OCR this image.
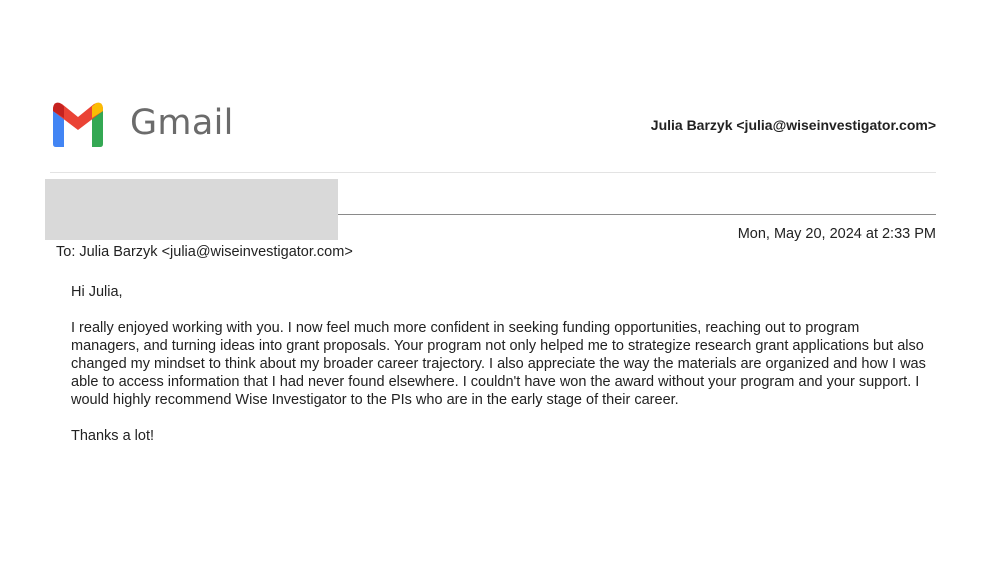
Gmail	Julia Barzyk <julia@wiseinvestigator.com>
Mon, May 20, 2024 at 2:33 PM
To: Julia Barzyk <julia@wiseinvestigator.com>

Hi Julia,

I really enjoyed working with you. I now feel much more confident in seeking funding opportunities, reaching out to program managers, and turning ideas into grant proposals. Your program not only helped me to strategize research grant applications but also changed my mindset to think about my broader career trajectory. I also appreciate the way the materials are organized and how I was able to access information that I had never found elsewhere. I couldn't have won the award without your program and your support. I would highly recommend Wise Investigator to the PIs who are in the early stage of their career.

Thanks a lot!
